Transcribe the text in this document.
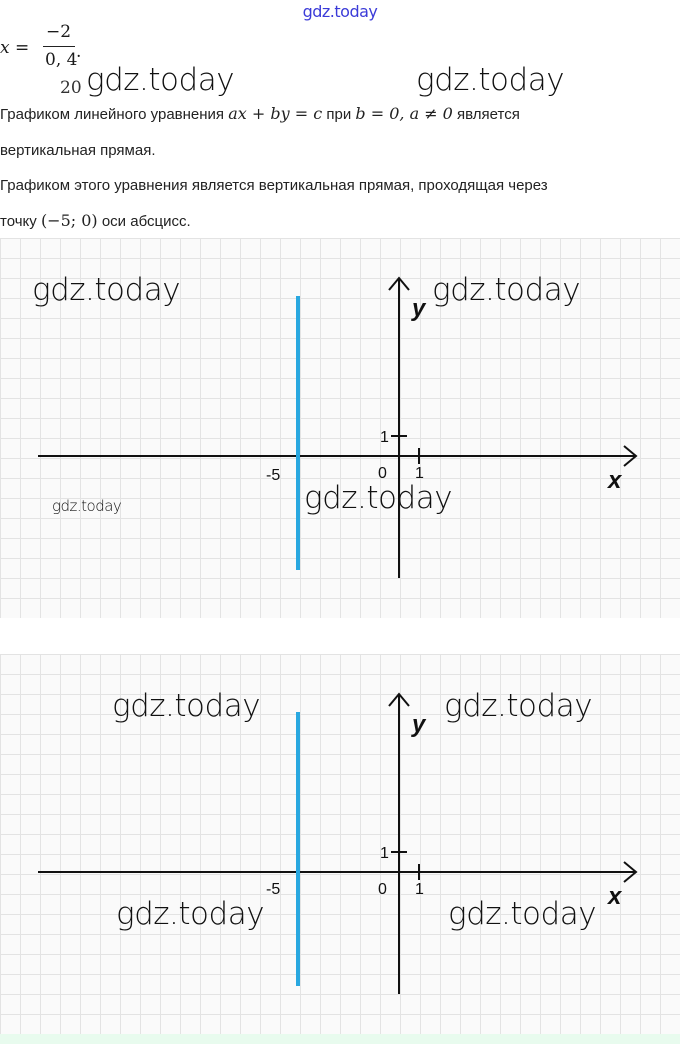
gdz.today
x =
−2
0, 4
.
20 gdz.today	gdz.today
Графиком линейного уравнения ax + by = c при b = 0, a ≠ 0 является
вертикальная прямая.
Графиком этого уравнения является вертикальная прямая, проходящая через
точку (−5; 0) оси абсцисс.
1
1
0
-5	x
y
gdz.today	gdz.today
gdz.today
gdz.today
1
1
0
-5	x
y
gdz.today	gdz.today
gdz.today	gdz.today
